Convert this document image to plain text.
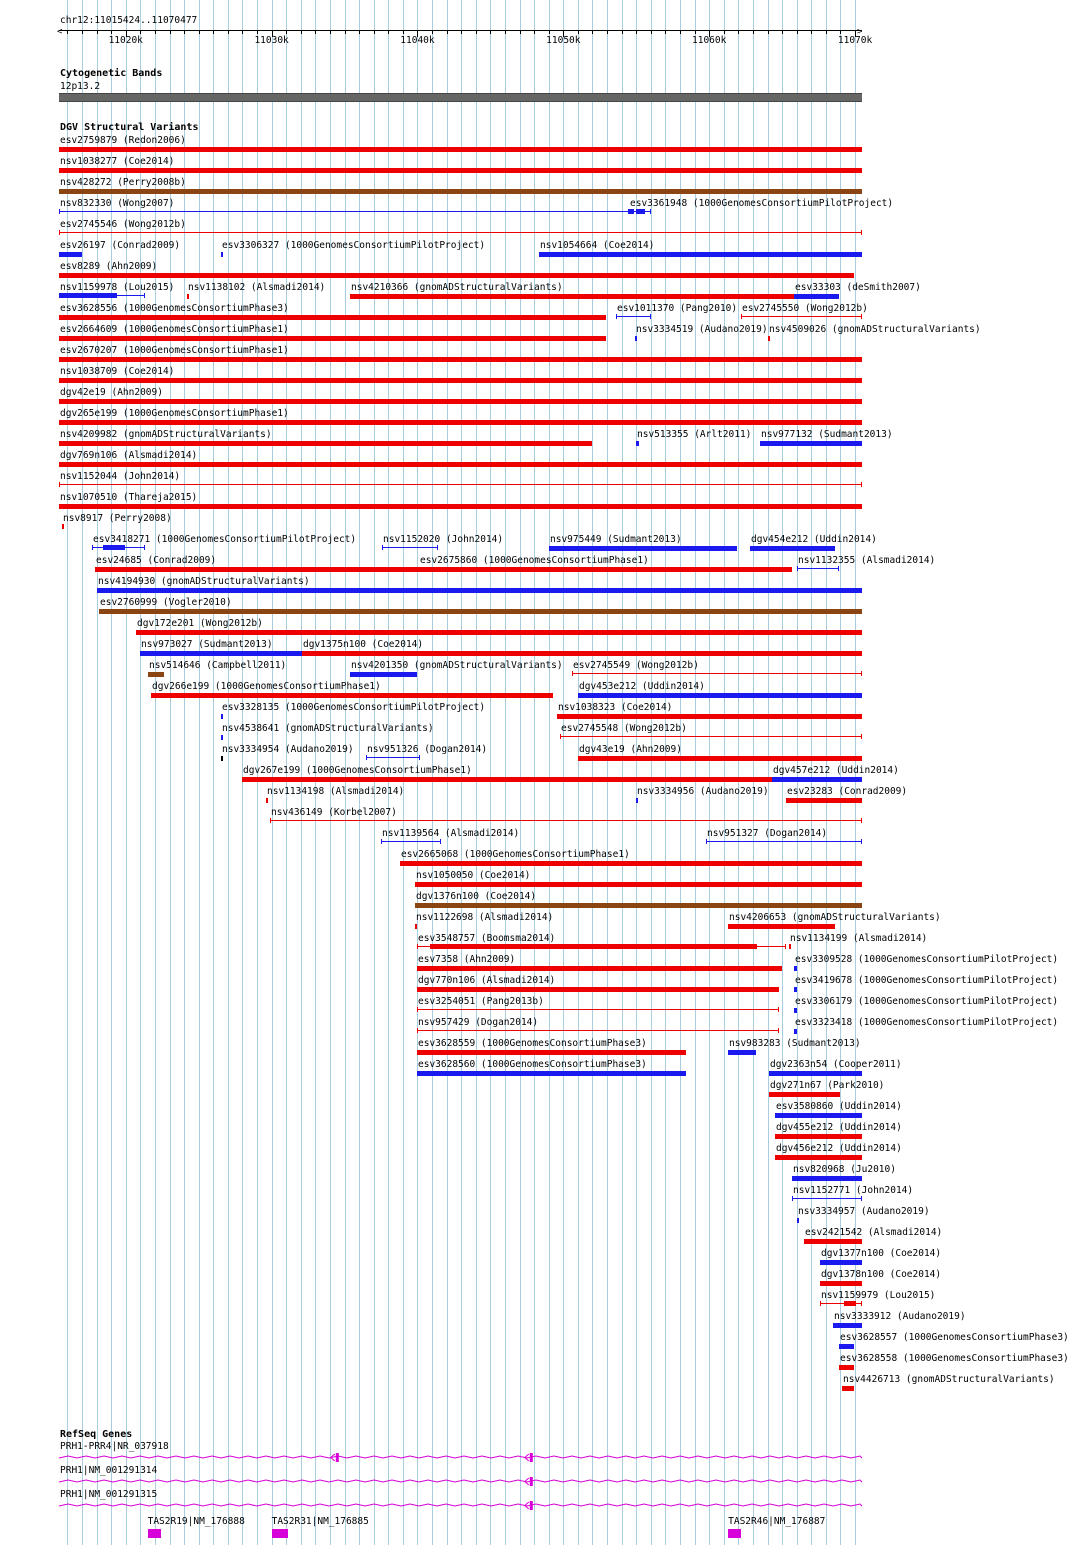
chr12:11015424..11070477
<	>
Cytogenetic Bands
12p13.2
DGV Structural Variants
esv2759879 (Redon2006)
nsv1038277 (Coe2014)
nsv428272 (Perry2008b)
nsv832330 (Wong2007)	esv3361948 (1000GenomesConsortiumPilotProject)
esv2745546 (Wong2012b)
esv26197 (Conrad2009)	esv3306327 (1000GenomesConsortiumPilotProject)	nsv1054664 (Coe2014)
esv8289 (Ahn2009)
nsv1159978 (Lou2015) nsv1138102 (Alsmadi2014)	nsv4210366 (gnomADStructuralVariants)	esv33303 (deSmith2007)
esv3628556 (1000GenomesConsortiumPhase3)	esv1011370 (Pang2010) esv2745550 (Wong2012b)
esv2664609 (1000GenomesConsortiumPhase1)	nsv3334519 (Audano2019) nsv4509026 (gnomADStructuralVariants)
esv2670207 (1000GenomesConsortiumPhase1)
nsv1038709 (Coe2014)
dgv42e19 (Ahn2009)
dgv265e199 (1000GenomesConsortiumPhase1)
nsv4209982 (gnomADStructuralVariants)	nsv513355 (Arlt2011) nsv977132 (Sudmant2013)
dgv769n106 (Alsmadi2014)
nsv1152044 (John2014)
nsv1070510 (Thareja2015)
nsv8917 (Perry2008)
esv3418271 (1000GenomesConsortiumPilotProject)	nsv1152020 (John2014)	nsv975449 (Sudmant2013)	dgv454e212 (Uddin2014)
esv24685 (Conrad2009)	esv2675860 (1000GenomesConsortiumPhase1)	nsv1132355 (Alsmadi2014)
nsv4194930 (gnomADStructuralVariants)
esv2760999 (Vogler2010)
dgv172e201 (Wong2012b)
nsv973027 (Sudmant2013)	dgv1375n100 (Coe2014)
nsv514646 (Campbell2011)	nsv4201350 (gnomADStructuralVariants) esv2745549 (Wong2012b)
dgv266e199 (1000GenomesConsortiumPhase1)	dgv453e212 (Uddin2014)
esv3328135 (1000GenomesConsortiumPilotProject)	nsv1038323 (Coe2014)
nsv4538641 (gnomADStructuralVariants)	esv2745548 (Wong2012b)
nsv3334954 (Audano2019) nsv951326 (Dogan2014)	dgv43e19 (Ahn2009)
dgv267e199 (1000GenomesConsortiumPhase1)	dgv457e212 (Uddin2014)
nsv1134198 (Alsmadi2014)	nsv3334956 (Audano2019) esv23283 (Conrad2009)
nsv436149 (Korbel2007)
nsv1139564 (Alsmadi2014)	nsv951327 (Dogan2014)
esv2665068 (1000GenomesConsortiumPhase1)
nsv1050050 (Coe2014)
dgv1376n100 (Coe2014)
nsv1122698 (Alsmadi2014)	nsv4206653 (gnomADStructuralVariants)
esv3548757 (Boomsma2014)	nsv1134199 (Alsmadi2014)
esv7358 (Ahn2009)	esv3309528 (1000GenomesConsortiumPilotProject)
dgv770n106 (Alsmadi2014)	esv3419678 (1000GenomesConsortiumPilotProject)
esv3254051 (Pang2013b)	esv3306179 (1000GenomesConsortiumPilotProject)
nsv957429 (Dogan2014)	esv3323418 (1000GenomesConsortiumPilotProject)
esv3628559 (1000GenomesConsortiumPhase3)	nsv983283 (Sudmant2013)
esv3628560 (1000GenomesConsortiumPhase3)	dgv2363n54 (Cooper2011)
dgv271n67 (Park2010)
esv3580860 (Uddin2014)
dgv455e212 (Uddin2014)
dgv456e212 (Uddin2014)
nsv820968 (Ju2010)
nsv1152771 (John2014)
nsv3334957 (Audano2019)
esv2421542 (Alsmadi2014)
dgv1377n100 (Coe2014)
dgv1378n100 (Coe2014)
nsv1159979 (Lou2015)
nsv3333912 (Audano2019)
esv3628557 (1000GenomesConsortiumPhase3)
esv3628558 (1000GenomesConsortiumPhase3)
nsv4426713 (gnomADStructuralVariants)
RefSeq Genes
PRH1-PRR4|NR_037918
PRH1|NM_001291314
PRH1|NM_001291315
TAS2R19|NM_176888	TAS2R31|NM_176885	TAS2R46|NM_176887
11020k	11030k	11040k	11050k	11060k	11070k
